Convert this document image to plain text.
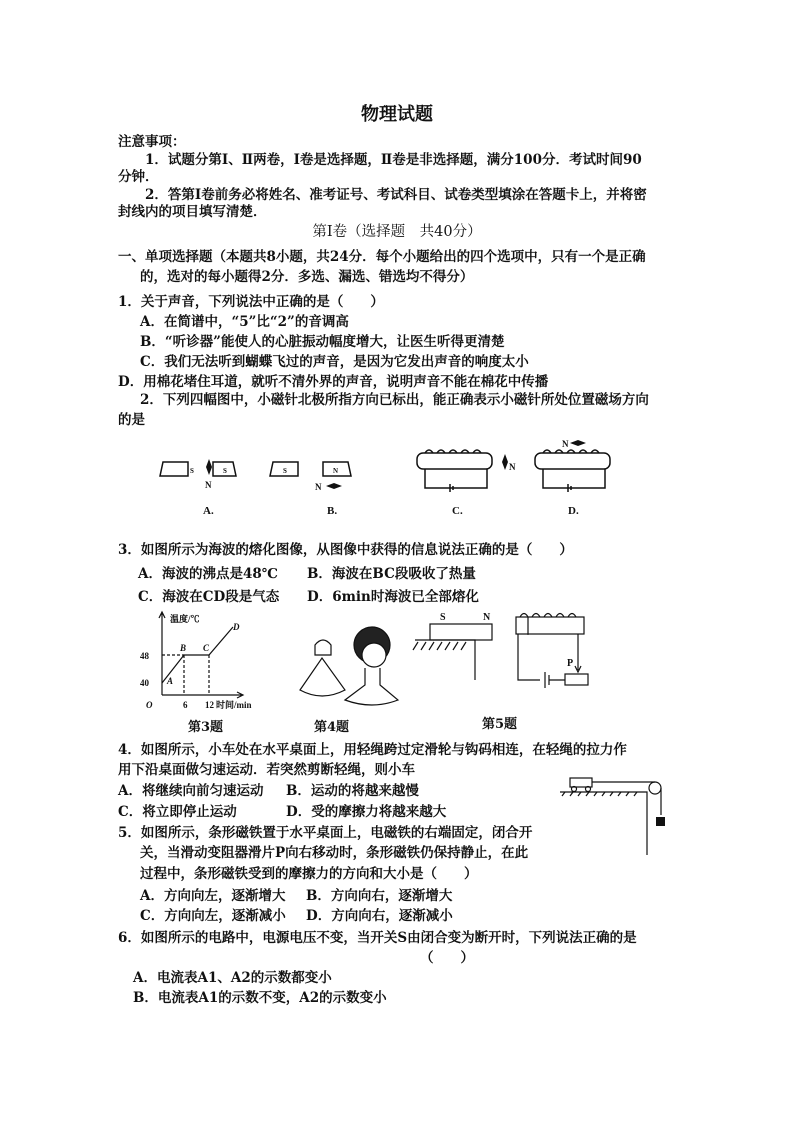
物理试题
注意事项：
1．试题分第Ⅰ、Ⅱ两卷，Ⅰ卷是选择题，Ⅱ卷是非选择题，满分100分．考试时间90
分钟．
2．答第Ⅰ卷前务必将姓名、准考证号、考试科目、试卷类型填涂在答题卡上，并将密
封线内的项目填写清楚．
第Ⅰ卷（选择题　共40分）
一、单项选择题（本题共8小题，共24分．每个小题给出的四个选项中，只有一个是正确
的，选对的每小题得2分．多选、漏选、错选均不得分）
1．关于声音，下列说法中正确的是（　　）
A．在简谱中，“5”比“2”的音调高
B．“听诊器”能使人的心脏振动幅度增大，让医生听得更清楚
C．我们无法听到蝴蝶飞过的声音，是因为它发出声音的响度太小
D．用棉花堵住耳道，就听不清外界的声音，说明声音不能在棉花中传播
2．下列四幅图中，小磁针北极所指方向已标出，能正确表示小磁针所处位置磁场方向
的是
S	S	S	N
N	N
N
N
A.	B.	C.	D.
3．如图所示为海波的熔化图像，从图像中获得的信息说法正确的是（　　）
A．海波的沸点是48℃ B．海波在BC段吸收了热量
C．海波在CD段是气态 D．6min时海波已全部熔化
温度/℃
48
40
O	6 12 时间/min
A
B C
D
S	N
P
第3题	第4题	第5题
4．如图所示，小车处在水平桌面上，用轻绳跨过定滑轮与钩码相连，在轻绳的拉力作
用下沿桌面做匀速运动．若突然剪断轻绳，则小车
A．将继续向前匀速运动 B．运动的将越来越慢
C．将立即停止运动	D．受的摩擦力将越来越大
5．如图所示，条形磁铁置于水平桌面上，电磁铁的右端固定，闭合开
关，当滑动变阻器滑片P向右移动时，条形磁铁仍保持静止，在此
过程中，条形磁铁受到的摩擦力的方向和大小是（　　）
A．方向向左，逐渐增大 B．方向向右，逐渐增大
C．方向向左，逐渐减小 D．方向向右，逐渐减小
6．如图所示的电路中，电源电压不变，当开关S由闭合变为断开时，下列说法正确的是
（　　）
A．电流表A1、A2的示数都变小
B．电流表A1的示数不变，A2的示数变小
